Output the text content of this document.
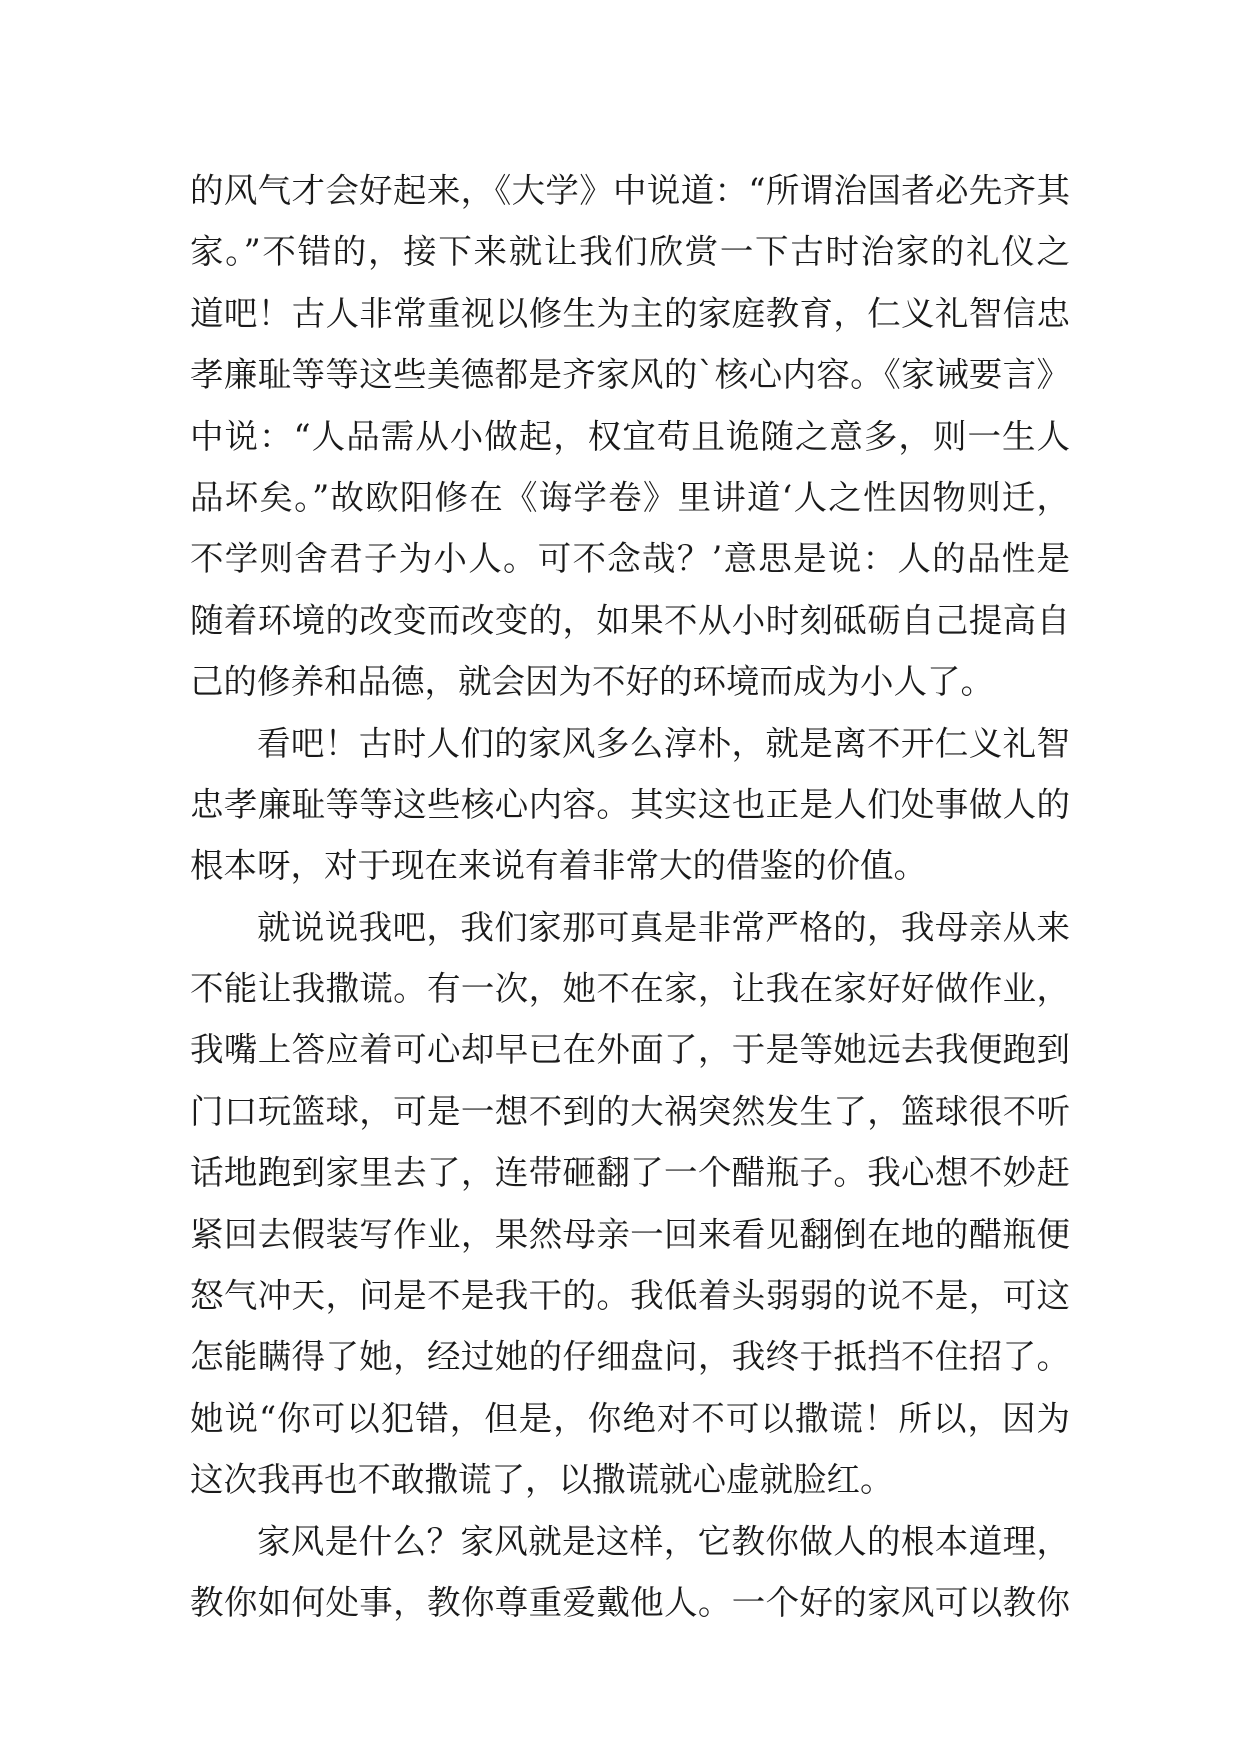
的风气才会好起来，《大学》中说道：“所谓治国者必先齐其
家。”不错的，接下来就让我们欣赏一下古时治家的礼仪之
道吧！古人非常重视以修生为主的家庭教育，仁义礼智信忠
孝廉耻等等这些美德都是齐家风的`核心内容。《家诫要言》
中说：“人品需从小做起，权宜苟且诡随之意多，则一生人
品坏矣。”故欧阳修在《诲学卷》里讲道‘人之性因物则迁，
不学则舍君子为小人。可不念哉？’意思是说：人的品性是
随着环境的改变而改变的，如果不从小时刻砥砺自己提高自
己的修养和品德，就会因为不好的环境而成为小人了。
看吧！古时人们的家风多么淳朴，就是离不开仁义礼智
忠孝廉耻等等这些核心内容。其实这也正是人们处事做人的
根本呀，对于现在来说有着非常大的借鉴的价值。
就说说我吧，我们家那可真是非常严格的，我母亲从来
不能让我撒谎。有一次，她不在家，让我在家好好做作业，
我嘴上答应着可心却早已在外面了，于是等她远去我便跑到
门口玩篮球，可是一想不到的大祸突然发生了，篮球很不听
话地跑到家里去了，连带砸翻了一个醋瓶子。我心想不妙赶
紧回去假装写作业，果然母亲一回来看见翻倒在地的醋瓶便
怒气冲天，问是不是我干的。我低着头弱弱的说不是，可这
怎能瞒得了她，经过她的仔细盘问，我终于抵挡不住招了。
她说“你可以犯错，但是，你绝对不可以撒谎！所以，因为
这次我再也不敢撒谎了，以撒谎就心虚就脸红。
家风是什么？家风就是这样，它教你做人的根本道理，
教你如何处事，教你尊重爱戴他人。一个好的家风可以教你
